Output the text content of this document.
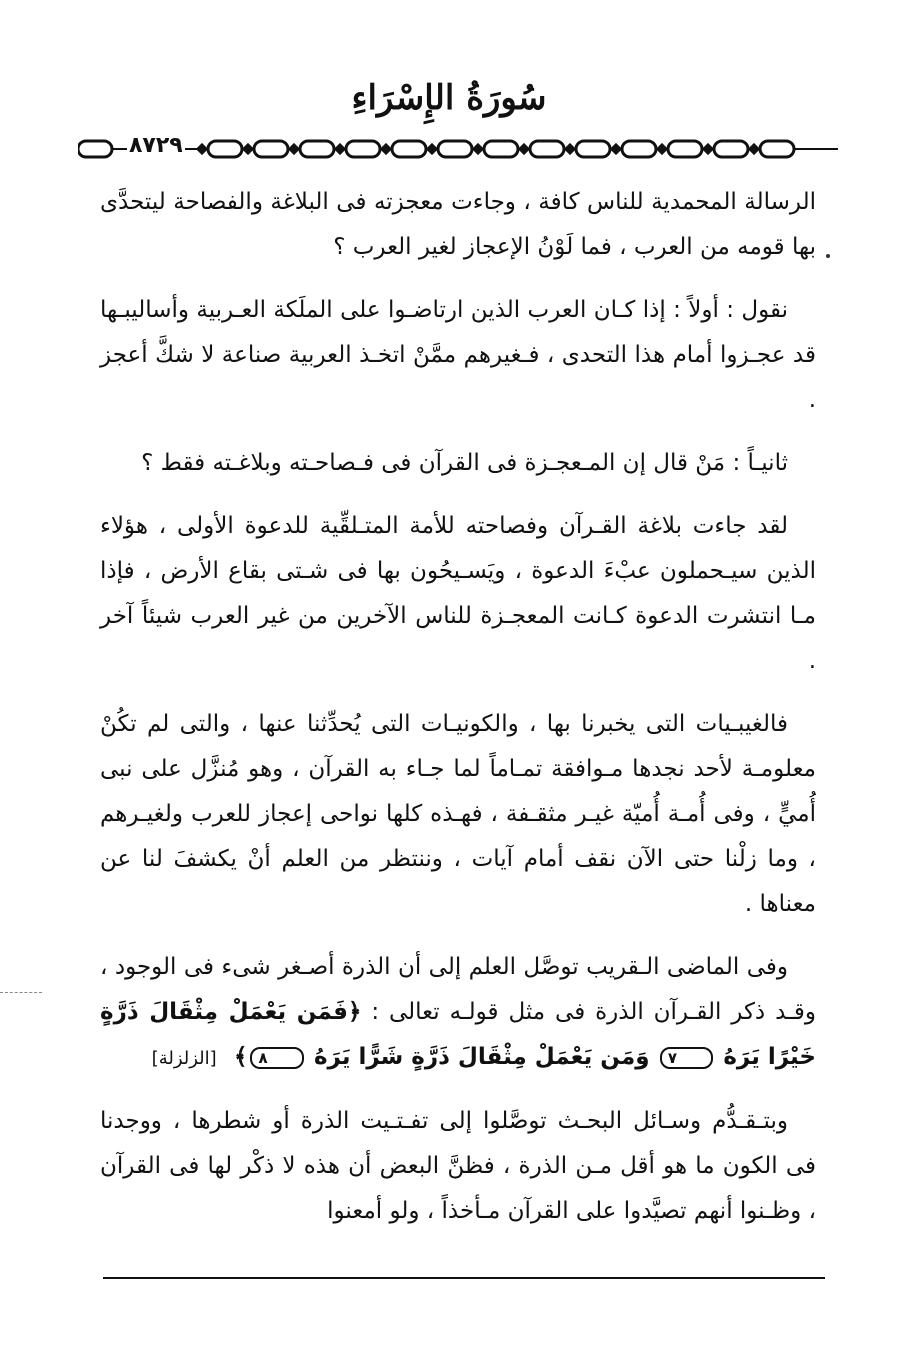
سُورَةُ الإِسْرَاءِ
٨٧٢٩

الرسالة المحمدية للناس كافة ، وجاءت معجزته فى البلاغة والفصاحة ليتحدَّى بها قومه من العرب ، فما لَوْنُ الإعجاز لغير العرب ؟

نقول : أولاً : إذا كـان العرب الذين ارتاضـوا على الملَكة العـربية وأساليبـها قد عجـزوا أمام هذا التحدى ، فـغيرهم ممَّنْ اتخـذ العربية صناعة لا شكَّ أعجز .

ثانيـاً : مَنْ قال إن المـعجـزة فى القرآن فى فـصاحـته وبلاغـته فقط ؟

لقد جاءت بلاغة القـرآن وفصاحته للأمة المتـلقِّية للدعوة الأولى ، هؤلاء الذين سيـحملون عبْءَ الدعوة ، ويَسـيحُون بها فى شـتى بقاع الأرض ، فإذا مـا انتشرت الدعوة كـانت المعجـزة للناس الآخرين من غير العرب شيئاً آخر .

فالغيبـيات التى يخبرنا بها ، والكونيـات التى يُحدِّثنا عنها ، والتى لم تكُنْ معلومـة لأحد نجدها مـوافقة تمـاماً لما جـاء به القرآن ، وهو مُنزَّل على نبى أُميٍّ ، وفى أُمـة أُميّة غيـر مثقـفة ، فهـذه كلها نواحى إعجاز للعرب ولغيـرهم ، وما زلْنا حتى الآن نقف أمام آيات ، وننتظر من العلم أنْ يكشفَ لنا عن معناها .

وفى الماضى الـقريب توصَّل العلم إلى أن الذرة أصـغر شىء فى الوجود ، وقـد ذكر القـرآن الذرة فى مثل قولـه تعالى : ﴿فَمَن يَعْمَلْ مِثْقَالَ ذَرَّةٍ خَيْرًا يَرَهُ ٧ وَمَن يَعْمَلْ مِثْقَالَ ذَرَّةٍ شَرًّا يَرَهُ ٨﴾ [الزلزلة]

وبتـقـدُّم وسـائل البحـث توصَّلوا إلى تفـتـيت الذرة أو شطرها ، ووجدنا فى الكون ما هو أقل مـن الذرة ، فظنَّ البعض أن هذه لا ذكْر لها فى القرآن ، وظـنوا أنهم تصيَّدوا على القرآن مـأخذاً ، ولو أمعنوا
